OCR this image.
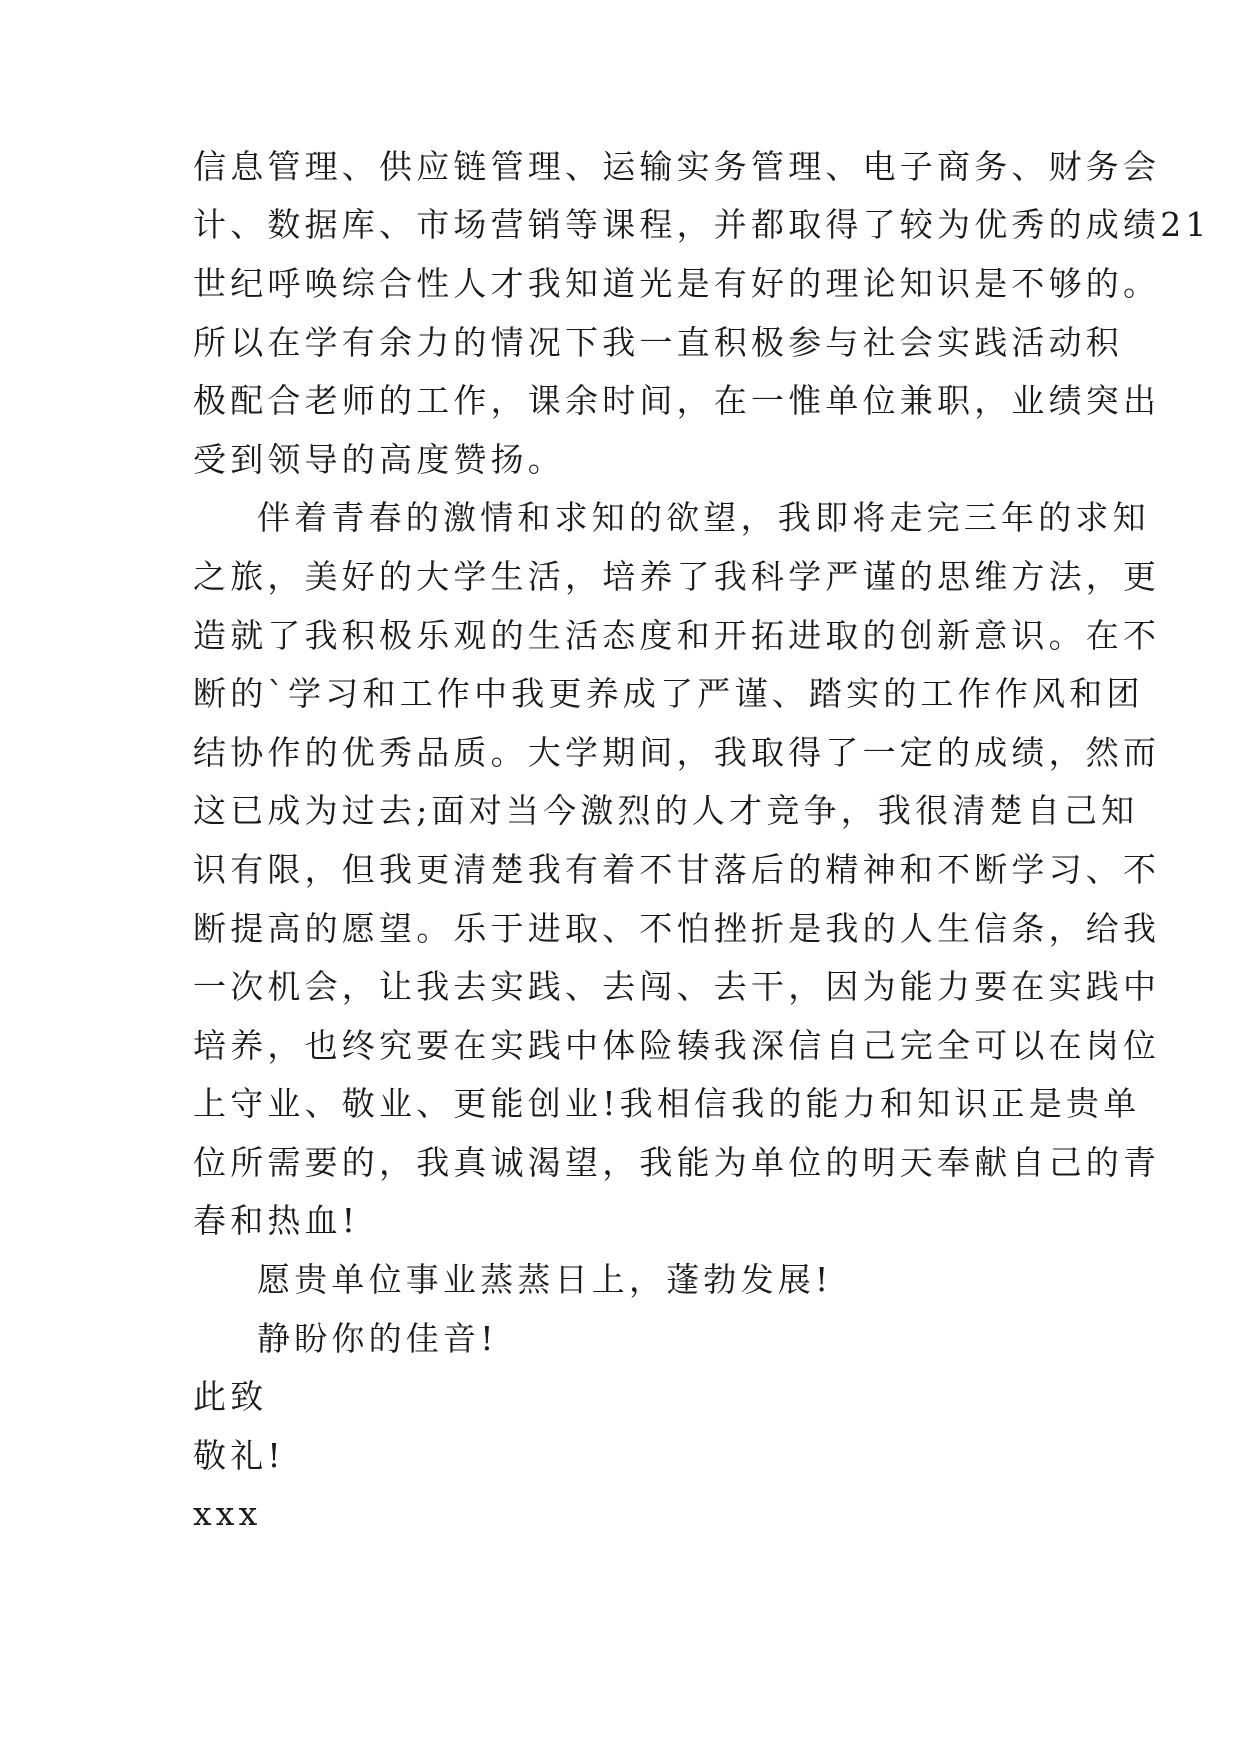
信息管理、供应链管理、运输实务管理、电子商务、财务会
计、数据库、市场营销等课程，并都取得了较为优秀的成绩21
世纪呼唤综合性人才我知道光是有好的理论知识是不够的。
所以在学有余力的情况下我一直积极参与社会实践活动积
极配合老师的工作，课余时间，在一惟单位兼职，业绩突出
受到领导的高度赞扬。
伴着青春的激情和求知的欲望，我即将走完三年的求知
之旅，美好的大学生活，培养了我科学严谨的思维方法，更
造就了我积极乐观的生活态度和开拓进取的创新意识。在不
断的`学习和工作中我更养成了严谨、踏实的工作作风和团
结协作的优秀品质。大学期间，我取得了一定的成绩，然而
这已成为过去;面对当今激烈的人才竞争，我很清楚自己知
识有限，但我更清楚我有着不甘落后的精神和不断学习、不
断提高的愿望。乐于进取、不怕挫折是我的人生信条，给我
一次机会，让我去实践、去闯、去干，因为能力要在实践中
培养，也终究要在实践中体险辏我深信自己完全可以在岗位
上守业、敬业、更能创业!我相信我的能力和知识正是贵单
位所需要的，我真诚渴望，我能为单位的明天奉献自己的青
春和热血!
愿贵单位事业蒸蒸日上，蓬勃发展!
静盼你的佳音!
此致
敬礼!
xxx
